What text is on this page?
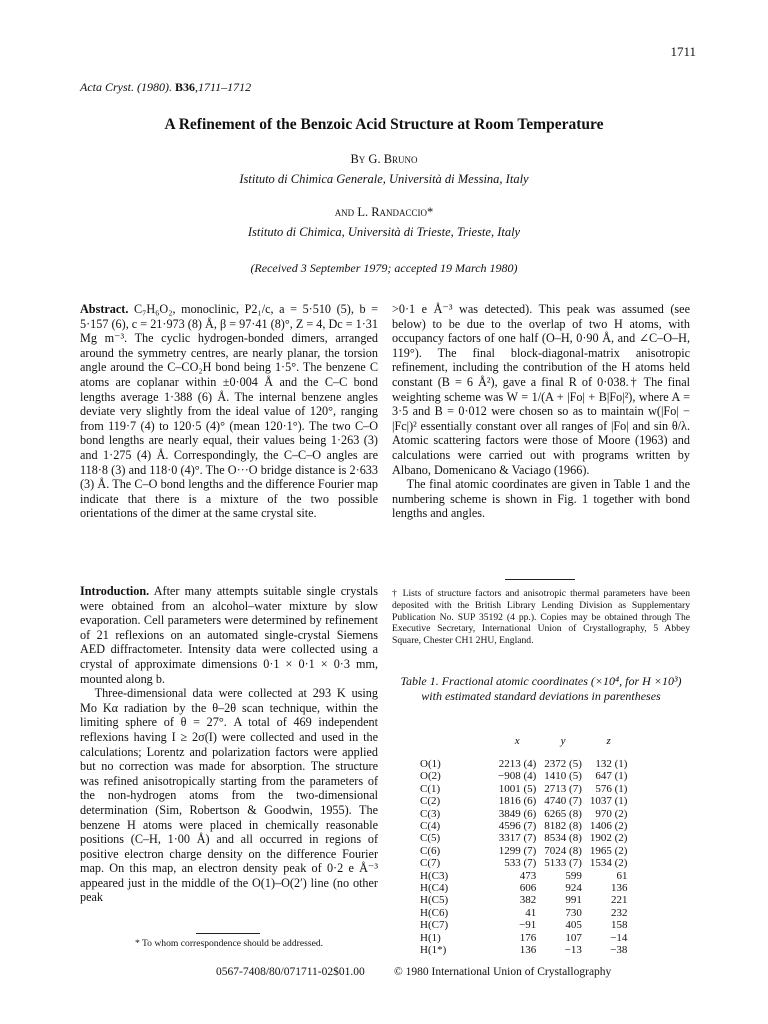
1711
Acta Cryst. (1980). B36,1711–1712
A Refinement of the Benzoic Acid Structure at Room Temperature
By G. Bruno
Istituto di Chimica Generale, Università di Messina, Italy
and L. Randaccio*
Istituto di Chimica, Università di Trieste, Trieste, Italy
(Received 3 September 1979; accepted 19 March 1980)

Abstract. C₇H₆O₂, monoclinic, P2₁/c, a = 5·510 (5), b = 5·157 (6), c = 21·973 (8) Å, β = 97·41 (8)°, Z = 4, Dc = 1·31 Mg m⁻³. The cyclic hydrogen-bonded dimers, arranged around the symmetry centres, are nearly planar, the torsion angle around the C–CO₂H bond being 1·5°. The benzene C atoms are coplanar within ±0·004 Å and the C–C bond lengths average 1·388 (6) Å. The internal benzene angles deviate very slightly from the ideal value of 120°, ranging from 119·7 (4) to 120·5 (4)° (mean 120·1°). The two C–O bond lengths are nearly equal, their values being 1·263 (3) and 1·275 (4) Å. Correspondingly, the C–C–O angles are 118·8 (3) and 118·0 (4)°. The O···O bridge distance is 2·633 (3) Å. The C–O bond lengths and the difference Fourier map indicate that there is a mixture of the two possible orientations of the dimer at the same crystal site.

Introduction. After many attempts suitable single crystals were obtained from an alcohol–water mixture by slow evaporation. Cell parameters were determined by refinement of 21 reflexions on an automated single-crystal Siemens AED diffractometer. Intensity data were collected using a crystal of approximate dimensions 0·1 × 0·1 × 0·3 mm, mounted along b.

Three-dimensional data were collected at 293 K using Mo Kα radiation by the θ–2θ scan technique, within the limiting sphere of θ = 27°. A total of 469 independent reflexions having I ≥ 2σ(I) were collected and used in the calculations; Lorentz and polarization factors were applied but no correction was made for absorption. The structure was refined anisotropically starting from the parameters of the non-hydrogen atoms from the two-dimensional determination (Sim, Robertson & Goodwin, 1955). The benzene H atoms were placed in chemically reasonable positions (C–H, 1·00 Å) and all occurred in regions of positive electron charge density on the difference Fourier map. On this map, an electron density peak of 0·2 e Å⁻³ appeared just in the middle of the O(1)–O(2′) line (no other peak

* To whom correspondence should be addressed.

>0·1 e Å⁻³ was detected). This peak was assumed (see below) to be due to the overlap of two H atoms, with occupancy factors of one half (O–H, 0·90 Å, and ∠C–O–H, 119°). The final block-diagonal-matrix anisotropic refinement, including the contribution of the H atoms held constant (B = 6 Å²), gave a final R of 0·038.† The final weighting scheme was W = 1/(A + |Fo| + B|Fo|²), where A = 3·5 and B = 0·012 were chosen so as to maintain w(|Fo| − |Fc|)² essentially constant over all ranges of |Fo| and sin θ/λ. Atomic scattering factors were those of Moore (1963) and calculations were carried out with programs written by Albano, Domenicano & Vaciago (1966).

The final atomic coordinates are given in Table 1 and the numbering scheme is shown in Fig. 1 together with bond lengths and angles.

† Lists of structure factors and anisotropic thermal parameters have been deposited with the British Library Lending Division as Supplementary Publication No. SUP 35192 (4 pp.). Copies may be obtained through The Executive Secretary, International Union of Crystallography, 5 Abbey Square, Chester CH1 2HU, England.
Table 1. Fractional atomic coordinates (×10⁴, for H ×10³) with estimated standard deviations in parentheses
	x	y	z
O(1)	2213 (4)	2372 (5)	132 (1)
O(2)	−908 (4)	1410 (5)	647 (1)
C(1)	1001 (5)	2713 (7)	576 (1)
C(2)	1816 (6)	4740 (7)	1037 (1)
C(3)	3849 (6)	6265 (8)	970 (2)
C(4)	4596 (7)	8182 (8)	1406 (2)
C(5)	3317 (7)	8534 (8)	1902 (2)
C(6)	1299 (7)	7024 (8)	1965 (2)
C(7)	533 (7)	5133 (7)	1534 (2)
H(C3)	473	599	61
H(C4)	606	924	136
H(C5)	382	991	221
H(C6)	41	730	232
H(C7)	−91	405	158
H(1)	176	107	−14
H(1*)	136	−13	−38
0567-7408/80/071711-02$01.00	© 1980 International Union of Crystallography
